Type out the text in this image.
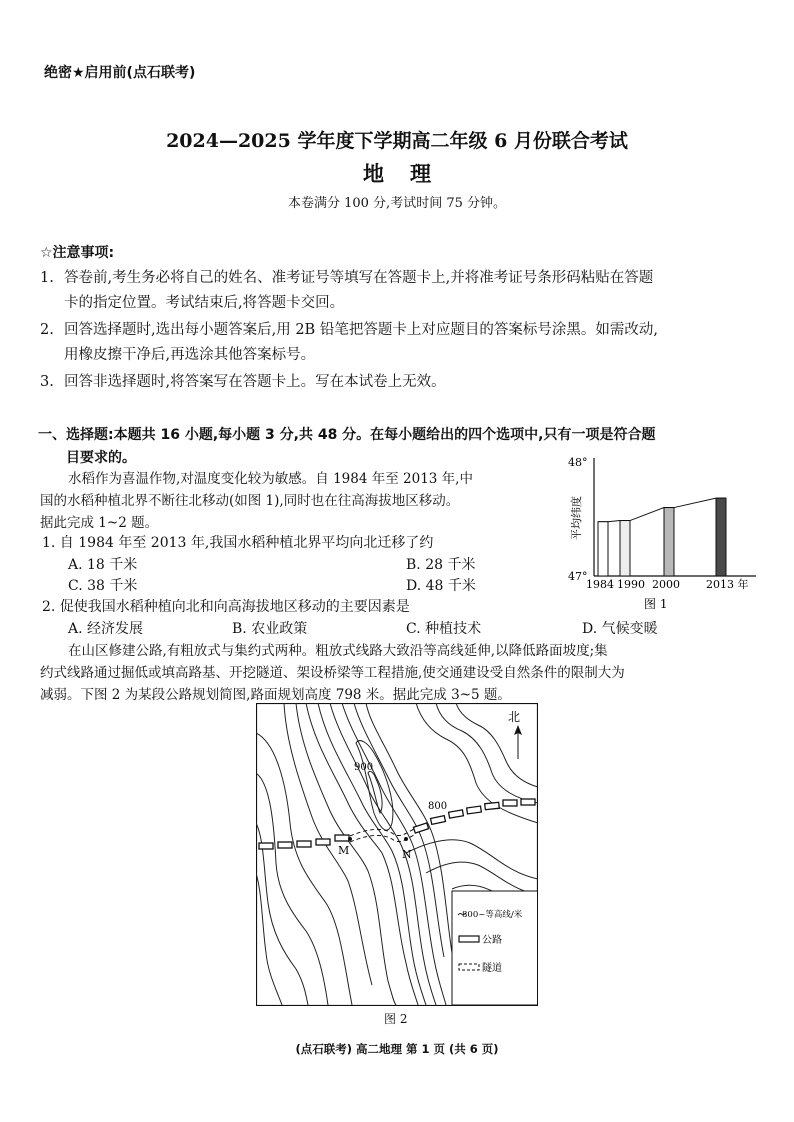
绝密★启用前(点石联考)
2024—2025 学年度下学期高二年级 6 月份联合考试
地理
本卷满分 100 分,考试时间 75 分钟。
☆注意事项:
1. 答卷前,考生务必将自己的姓名、准考证号等填写在答题卡上,并将准考证号条形码粘贴在答题
卡的指定位置。考试结束后,将答题卡交回。
2. 回答选择题时,选出每小题答案后,用 2B 铅笔把答题卡上对应题目的答案标号涂黑。如需改动,
用橡皮擦干净后,再选涂其他答案标号。
3. 回答非选择题时,将答案写在答题卡上。写在本试卷上无效。
一、选择题:本题共 16 小题,每小题 3 分,共 48 分。在每小题给出的四个选项中,只有一项是符合题
目要求的。
水稻作为喜温作物,对温度变化较为敏感。自 1984 年至 2013 年,中
国的水稻种植北界不断往北移动(如图 1),同时也在往高海拔地区移动。
据此完成 1~2 题。
1. 自 1984 年至 2013 年,我国水稻种植北界平均向北迁移了约
A. 18 千米	B. 28 千米
C. 38 千米	D. 48 千米
2. 促使我国水稻种植向北和向高海拔地区移动的主要因素是
A. 经济发展	B. 农业政策	C. 种植技术	D. 气候变暖
48°
47°
平均纬度
1984 1990 2000 2013 年
图 1
在山区修建公路,有粗放式与集约式两种。粗放式线路大致沿等高线延伸,以降低路面坡度;集
约式线路通过掘低或填高路基、开挖隧道、架设桥梁等工程措施,使交通建设受自然条件的限制大为
减弱。下图 2 为某段公路规划简图,路面规划高度 798 米。据此完成 3~5 题。
800~等高线/米
公路
隧道
M	N
900
800
北
图 2
(点石联考) 高二地理 第 1 页 (共 6 页)
